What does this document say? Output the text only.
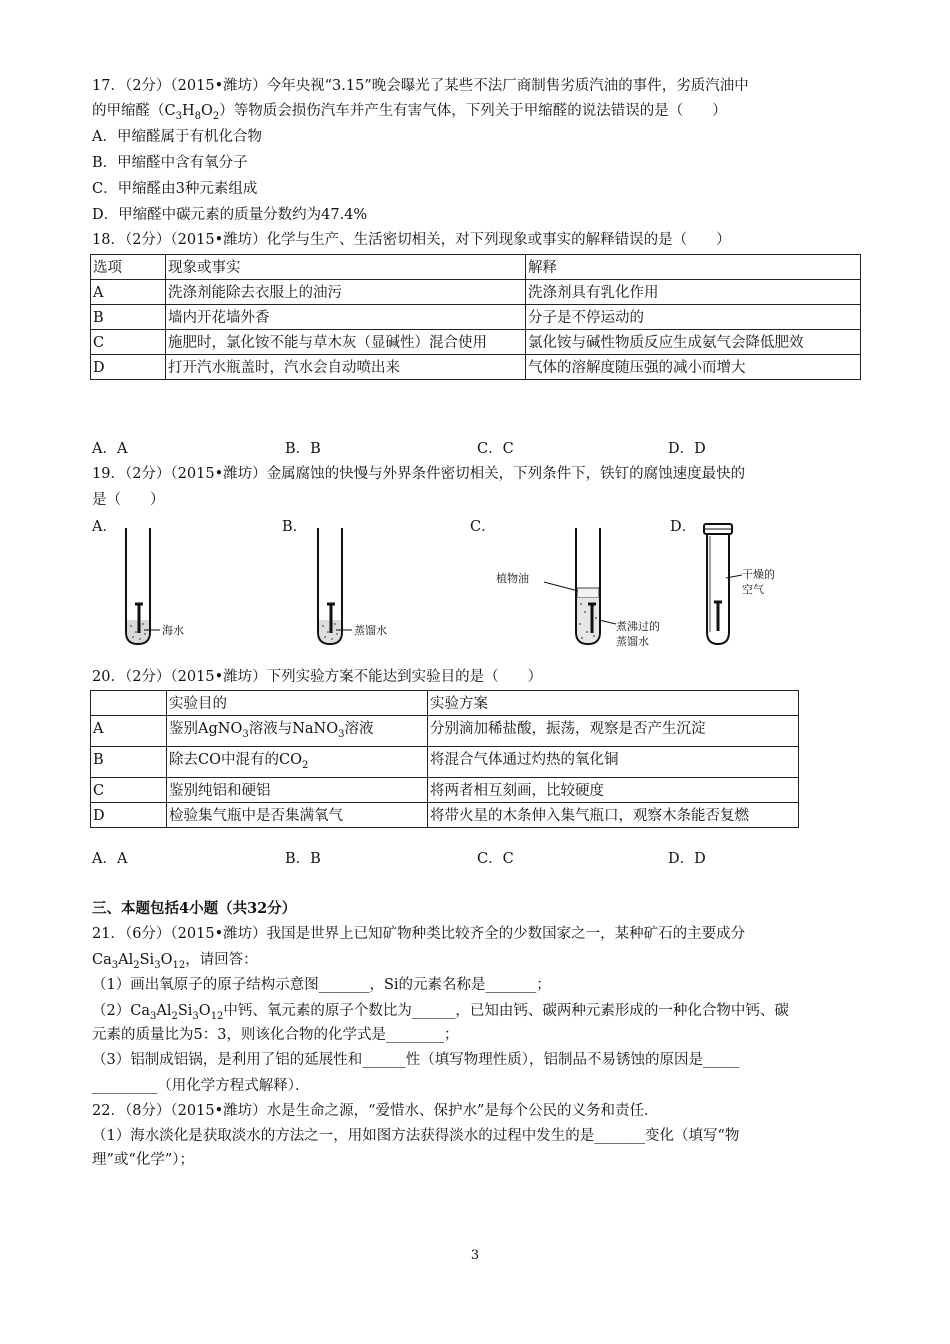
17．（2分）（2015•潍坊）今年央视“3.15”晚会曝光了某些不法厂商制售劣质汽油的事件，劣质汽油中
的甲缩醛$(C_3H_8O_2)$等物质会损伤汽车并产生有害气体，下列关于甲缩醛的说法错误的是（　　）
A．甲缩醛属于有机化合物
B．甲缩醛中含有氧分子
C．甲缩醛由3种元素组成
D．甲缩醛中碳元素的质量分数约为47.4%
18．（2分）（2015•潍坊）化学与生产、生活密切相关，对下列现象或事实的解释错误的是（　　）
选项	现象或事实	解释
A	洗涤剂能除去衣服上的油污	洗涤剂具有乳化作用
B	墙内开花墙外香	分子是不停运动的
C	施肥时，氯化铵不能与草木灰（显碱性）混合使用	氯化铵与碱性物质反应生成氨气会降低肥效
D	打开汽水瓶盖时，汽水会自动喷出来	气体的溶解度随压强的减小而增大
A．A	B．B	C．C	D．D
19．（2分）（2015•潍坊）金属腐蚀的快慢与外界条件密切相关，下列条件下，铁钉的腐蚀速度最快的
是（　　）
A．	B．	C．	D．
海水	蒸馏水
植物油
煮沸过的
蒸馏水
干燥的
空气
20．（2分）（2015•潍坊）下列实验方案不能达到实验目的是（　　）
	实验目的	实验方案
A	鉴别AgNO$_3$溶液与NaNO$_3$溶液	分别滴加稀盐酸，振荡，观察是否产生沉淀
B	除去CO中混有的$CO_2$	将混合气体通过灼热的氧化铜
C	鉴别纯铝和硬铝	将两者相互刻画，比较硬度
D	检验集气瓶中是否集满氧气	将带火星的木条伸入集气瓶口，观察木条能否复燃
A．A	B．B	C．C	D．D
三、本题包括4小题（共32分）
21．（6分）（2015•潍坊）我国是世界上已知矿物种类比较齐全的少数国家之一，某种矿石的主要成分
$Ca_3Al_2Si_3O_{12}$，请回答：
（1）画出氧原子的原子结构示意图_______，Si的元素名称是_______；
$(2)Ca_3Al_2Si_3O_{12}$中钙、氧元素的原子个数比为______，已知由钙、碳两种元素形成的一种化合物中钙、碳
元素的质量比为5：3，则该化合物的化学式是________；
（3）铝制成铝锅，是利用了铝的延展性和______性（填写物理性质），铝制品不易锈蚀的原因是_____
_________（用化学方程式解释）．
22．（8分）（2015•潍坊）水是生命之源，“爱惜水、保护水”是每个公民的义务和责任．
（1）海水淡化是获取淡水的方法之一，用如图方法获得淡水的过程中发生的是_______变化（填写“物
理”或“化学”）；
3
